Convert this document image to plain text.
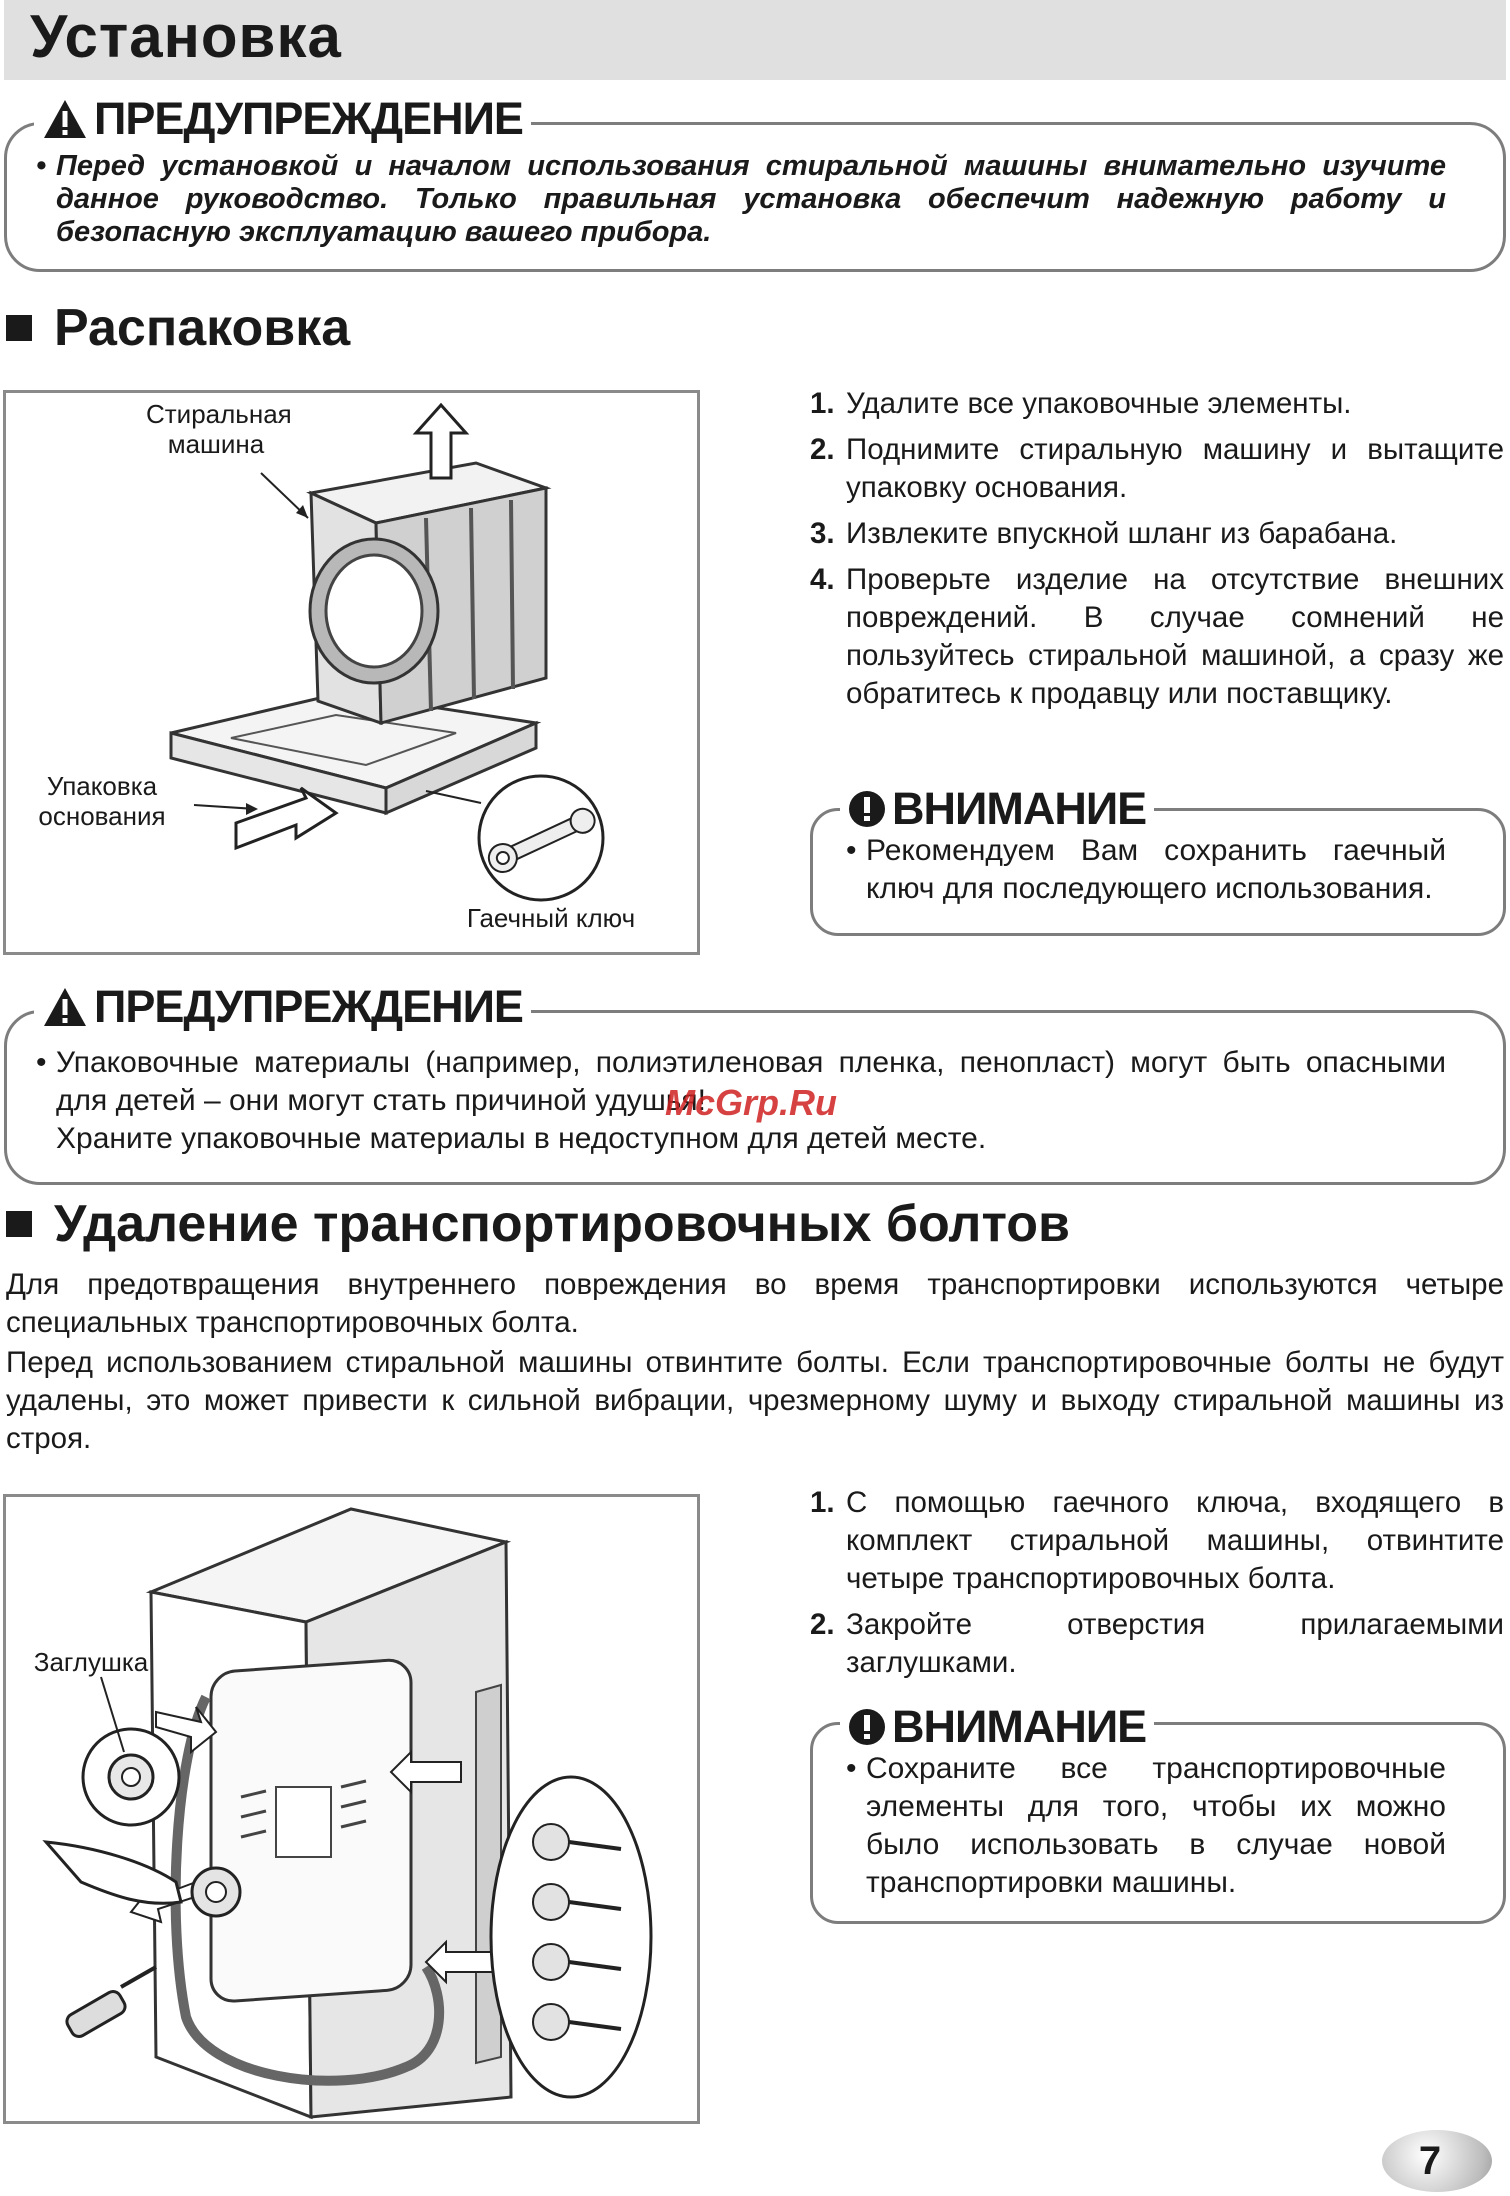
Установка
ПРЕДУПРЕЖДЕНИЕ
• Перед установкой и началом использования стиральной машины внимательно изучите данное руководство. Только правильная установка обеспечит надежную работу и безопасную эксплуатацию вашего прибора.
Распаковка
Стиральная машина
Упаковка основания
Гаечный ключ
1. Удалите все упаковочные элементы.
2. Поднимите стиральную машину и вытащите упаковку основания.
3. Извлеките впускной шланг из барабана.
4. Проверьте изделие на отсутствие внешних повреждений. В случае сомнений не пользуйтесь стиральной машиной, а сразу же обратитесь к продавцу или поставщику.
ВНИМАНИЕ
• Рекомендуем Вам сохранить гаечный ключ для последующего использования.
ПРЕДУПРЕЖДЕНИЕ
• Упаковочные материалы (например, полиэтиленовая пленка, пенопласт) могут быть опасными для детей – они могут стать причиной удушья!
Храните упаковочные материалы в недоступном для детей месте.
McGrp.Ru
Удаление транспортировочных болтов
Для предотвращения внутреннего повреждения во время транспортировки используются четыре специальных транспортировочных болта.
Перед использованием стиральной машины отвинтите болты. Если транспортировочные болты не будут удалены, это может привести к сильной вибрации, чрезмерному шуму и выходу стиральной машины из строя.
Заглушка
1. С помощью гаечного ключа, входящего в комплект стиральной машины, отвинтите четыре транспортировочных болта.
2. Закройте отверстия прилагаемыми заглушками.
ВНИМАНИЕ
• Сохраните все транспортировочные элементы для того, чтобы их можно было использовать в случае новой транспортировки машины.
7
